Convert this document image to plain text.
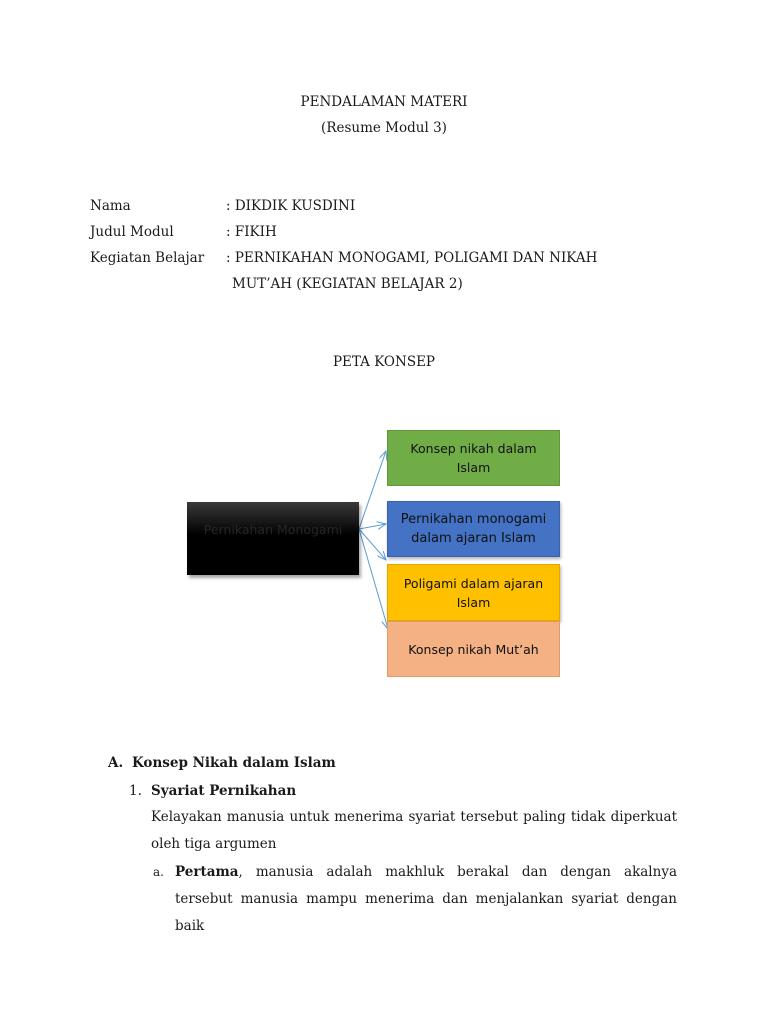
PENDALAMAN MATERI
(Resume Modul 3)
Nama	: DIKDIK KUSDINI
Judul Modul	: FIKIH
Kegiatan Belajar : PERNIKAHAN MONOGAMI, POLIGAMI DAN NIKAH
MUT’AH (KEGIATAN BELAJAR 2)
PETA KONSEP
Pernikahan Monogami
Konsep nikah dalam Islam
Pernikahan monogami dalam ajaran Islam
Poligami dalam ajaran Islam
Konsep nikah Mut’ah
A. Konsep Nikah dalam Islam
1. Syariat Pernikahan
Kelayakan manusia untuk menerima syariat tersebut paling tidak diperkuat oleh tiga argumen
a. Pertama, manusia adalah makhluk berakal dan dengan akalnya tersebut manusia mampu menerima dan menjalankan syariat dengan baik
